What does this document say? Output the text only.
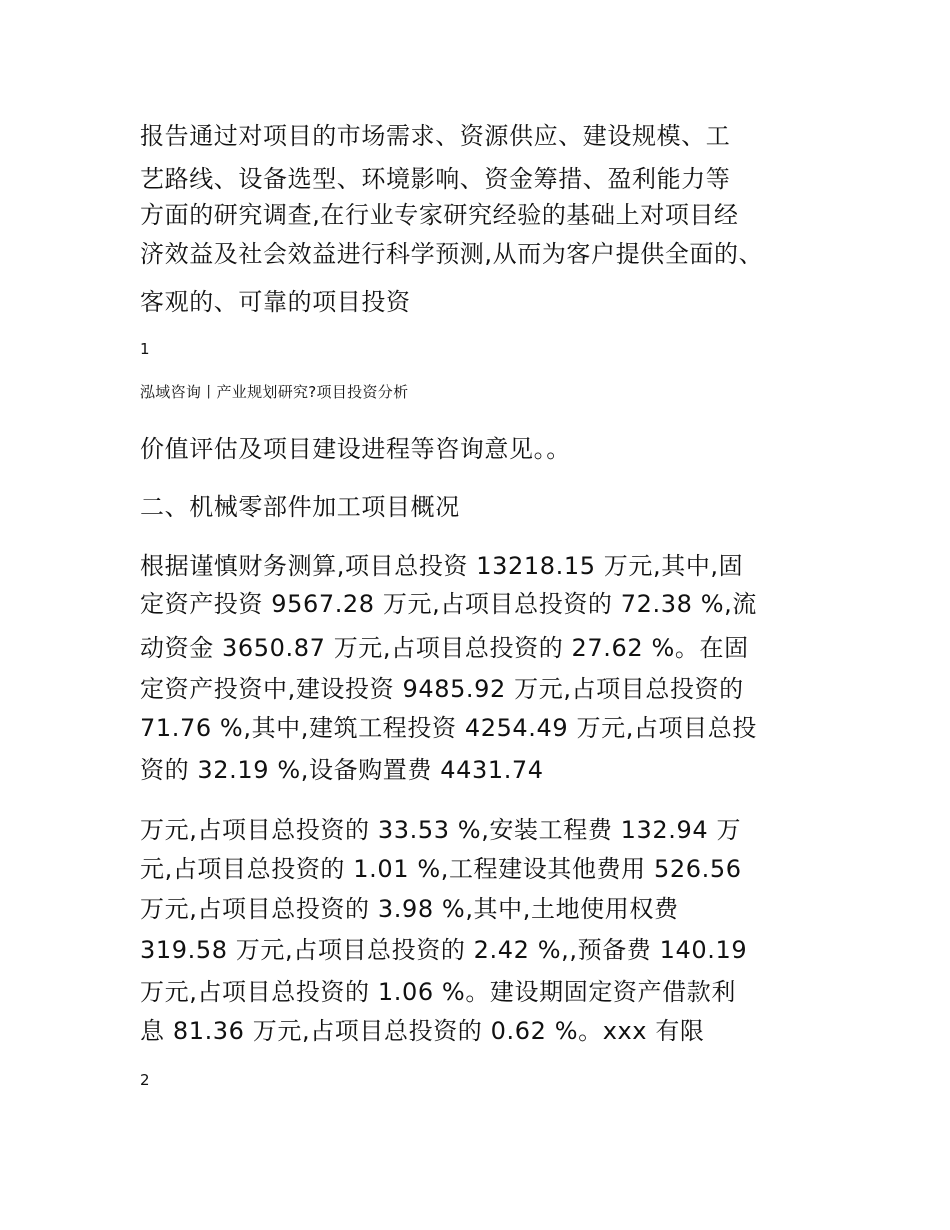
报告通过对项目的市场需求、资源供应、建设规模、工
艺路线、设备选型、环境影响、资金筹措、盈利能力等
方面的研究调查,在行业专家研究经验的基础上对项目经
济效益及社会效益进行科学预测,从而为客户提供全面的、
客观的、可靠的项目投资
1
泓域咨询丨产业规划研究?项目投资分析
价值评估及项目建设进程等咨询意见。。
二、机械零部件加工项目概况
根据谨慎财务测算,项目总投资 13218.15 万元,其中,固
定资产投资 9567.28 万元,占项目总投资的 72.38 %,流
动资金 3650.87 万元,占项目总投资的 27.62 %。在固
定资产投资中,建设投资 9485.92 万元,占项目总投资的
71.76 %,其中,建筑工程投资 4254.49 万元,占项目总投
资的 32.19 %,设备购置费 4431.74
万元,占项目总投资的 33.53 %,安装工程费 132.94 万
元,占项目总投资的 1.01 %,工程建设其他费用 526.56
万元,占项目总投资的 3.98 %,其中,土地使用权费
319.58 万元,占项目总投资的 2.42 %,,预备费 140.19
万元,占项目总投资的 1.06 %。建设期固定资产借款利
息 81.36 万元,占项目总投资的 0.62 %。xxx 有限
2
